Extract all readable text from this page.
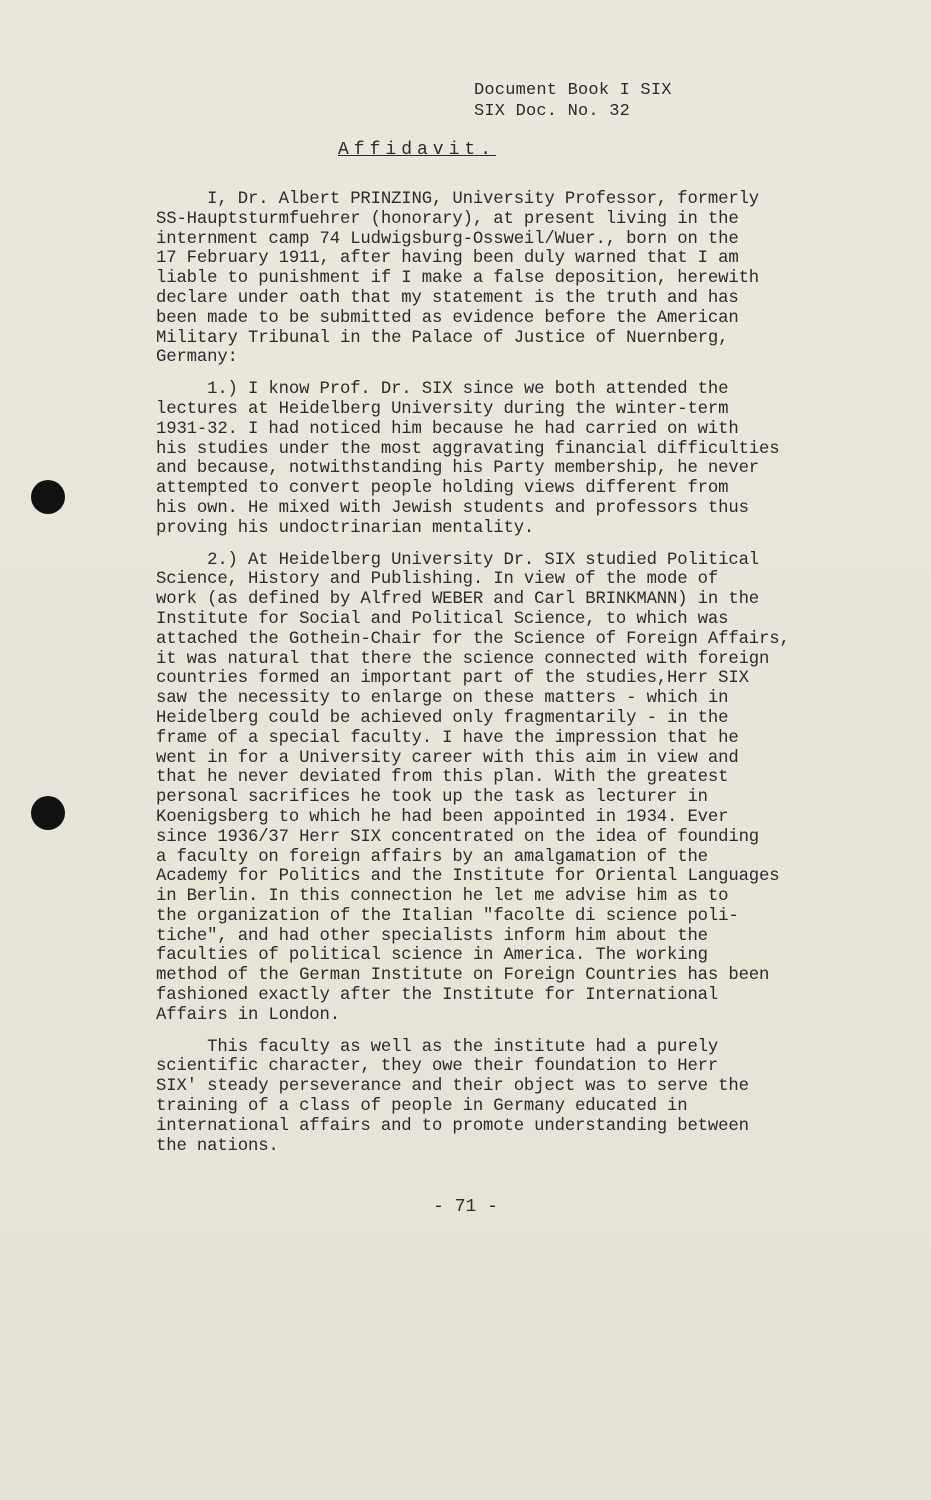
Document Book I SIX
SIX Doc. No. 32
Affidavit.

I, Dr. Albert PRINZING, University Professor, formerly
SS-Hauptsturmfuehrer (honorary), at present living in the
internment camp 74 Ludwigsburg-Ossweil/Wuer., born on the
17 February 1911, after having been duly warned that I am
liable to punishment if I make a false deposition, herewith
declare under oath that my statement is the truth and has
been made to be submitted as evidence before the American
Military Tribunal in the Palace of Justice of Nuernberg,
Germany:

1.) I know Prof. Dr. SIX since we both attended the
lectures at Heidelberg University during the winter-term
1931-32. I had noticed him because he had carried on with
his studies under the most aggravating financial difficulties
and because, notwithstanding his Party membership, he never
attempted to convert people holding views different from
his own. He mixed with Jewish students and professors thus
proving his undoctrinarian mentality.

2.) At Heidelberg University Dr. SIX studied Political
Science, History and Publishing. In view of the mode of
work (as defined by Alfred WEBER and Carl BRINKMANN) in the
Institute for Social and Political Science, to which was
attached the Gothein-Chair for the Science of Foreign Affairs,
it was natural that there the science connected with foreign
countries formed an important part of the studies,Herr SIX
saw the necessity to enlarge on these matters - which in
Heidelberg could be achieved only fragmentarily - in the
frame of a special faculty. I have the impression that he
went in for a University career with this aim in view and
that he never deviated from this plan. With the greatest
personal sacrifices he took up the task as lecturer in
Koenigsberg to which he had been appointed in 1934. Ever
since 1936/37 Herr SIX concentrated on the idea of founding
a faculty on foreign affairs by an amalgamation of the
Academy for Politics and the Institute for Oriental Languages
in Berlin. In this connection he let me advise him as to
the organization of the Italian "facolte di science poli-
tiche", and had other specialists inform him about the
faculties of political science in America. The working
method of the German Institute on Foreign Countries has been
fashioned exactly after the Institute for International
Affairs in London.

This faculty as well as the institute had a purely
scientific character, they owe their foundation to Herr
SIX' steady perseverance and their object was to serve the
training of a class of people in Germany educated in
international affairs and to promote understanding between
the nations.

- 71 -
